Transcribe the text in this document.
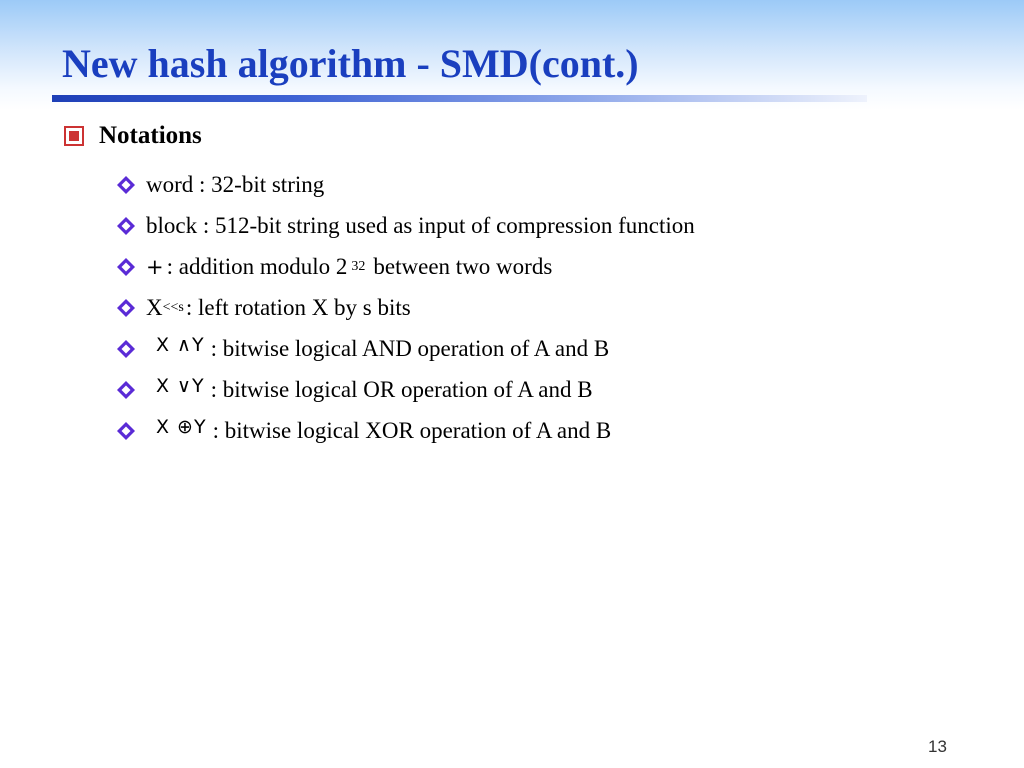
New hash algorithm - SMD(cont.)
Notations
word : 32-bit string
block : 512-bit string used as input of compression function
+ : addition modulo 2 32 between two words
X <<s : left rotation X by s bits
X ∧Y : bitwise logical AND operation of A and B
X ∨Y : bitwise logical OR operation of A and B
X ⊕Y : bitwise logical XOR operation of A and B
13
